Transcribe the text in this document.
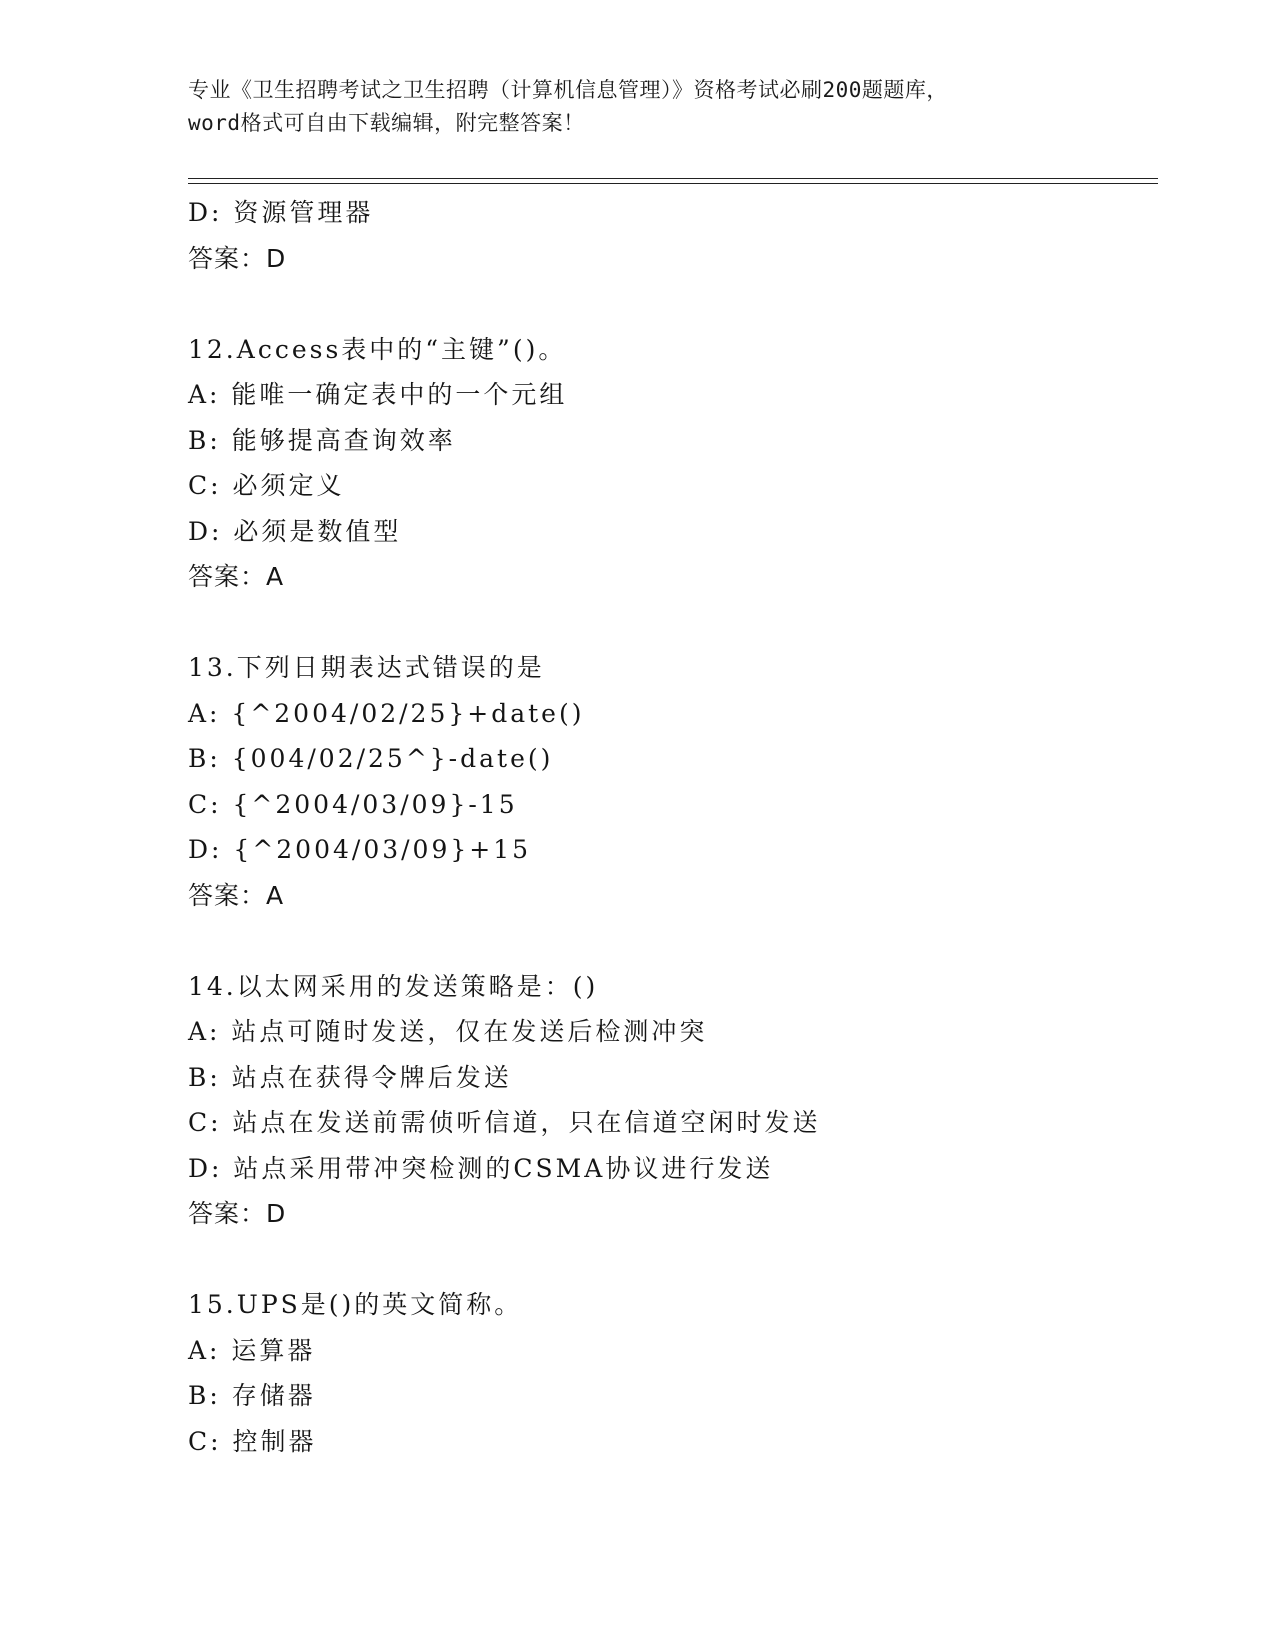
专业《卫生招聘考试之卫生招聘（计算机信息管理）》资格考试必刷200题题库，
word格式可自由下载编辑，附完整答案！
D: 资源管理器
答案：D
12.Access表中的“主键”()。
A: 能唯一确定表中的一个元组
B: 能够提高查询效率
C: 必须定义
D: 必须是数值型
答案：A
13.下列日期表达式错误的是
A: {^2004/02/25}+date()
B: {004/02/25^}-date()
C: {^2004/03/09}-15
D: {^2004/03/09}+15
答案：A
14.以太网采用的发送策略是：()
A: 站点可随时发送，仅在发送后检测冲突
B: 站点在获得令牌后发送
C: 站点在发送前需侦听信道，只在信道空闲时发送
D: 站点采用带冲突检测的CSMA协议进行发送
答案：D
15.UPS是()的英文简称。
A: 运算器
B: 存储器
C: 控制器
